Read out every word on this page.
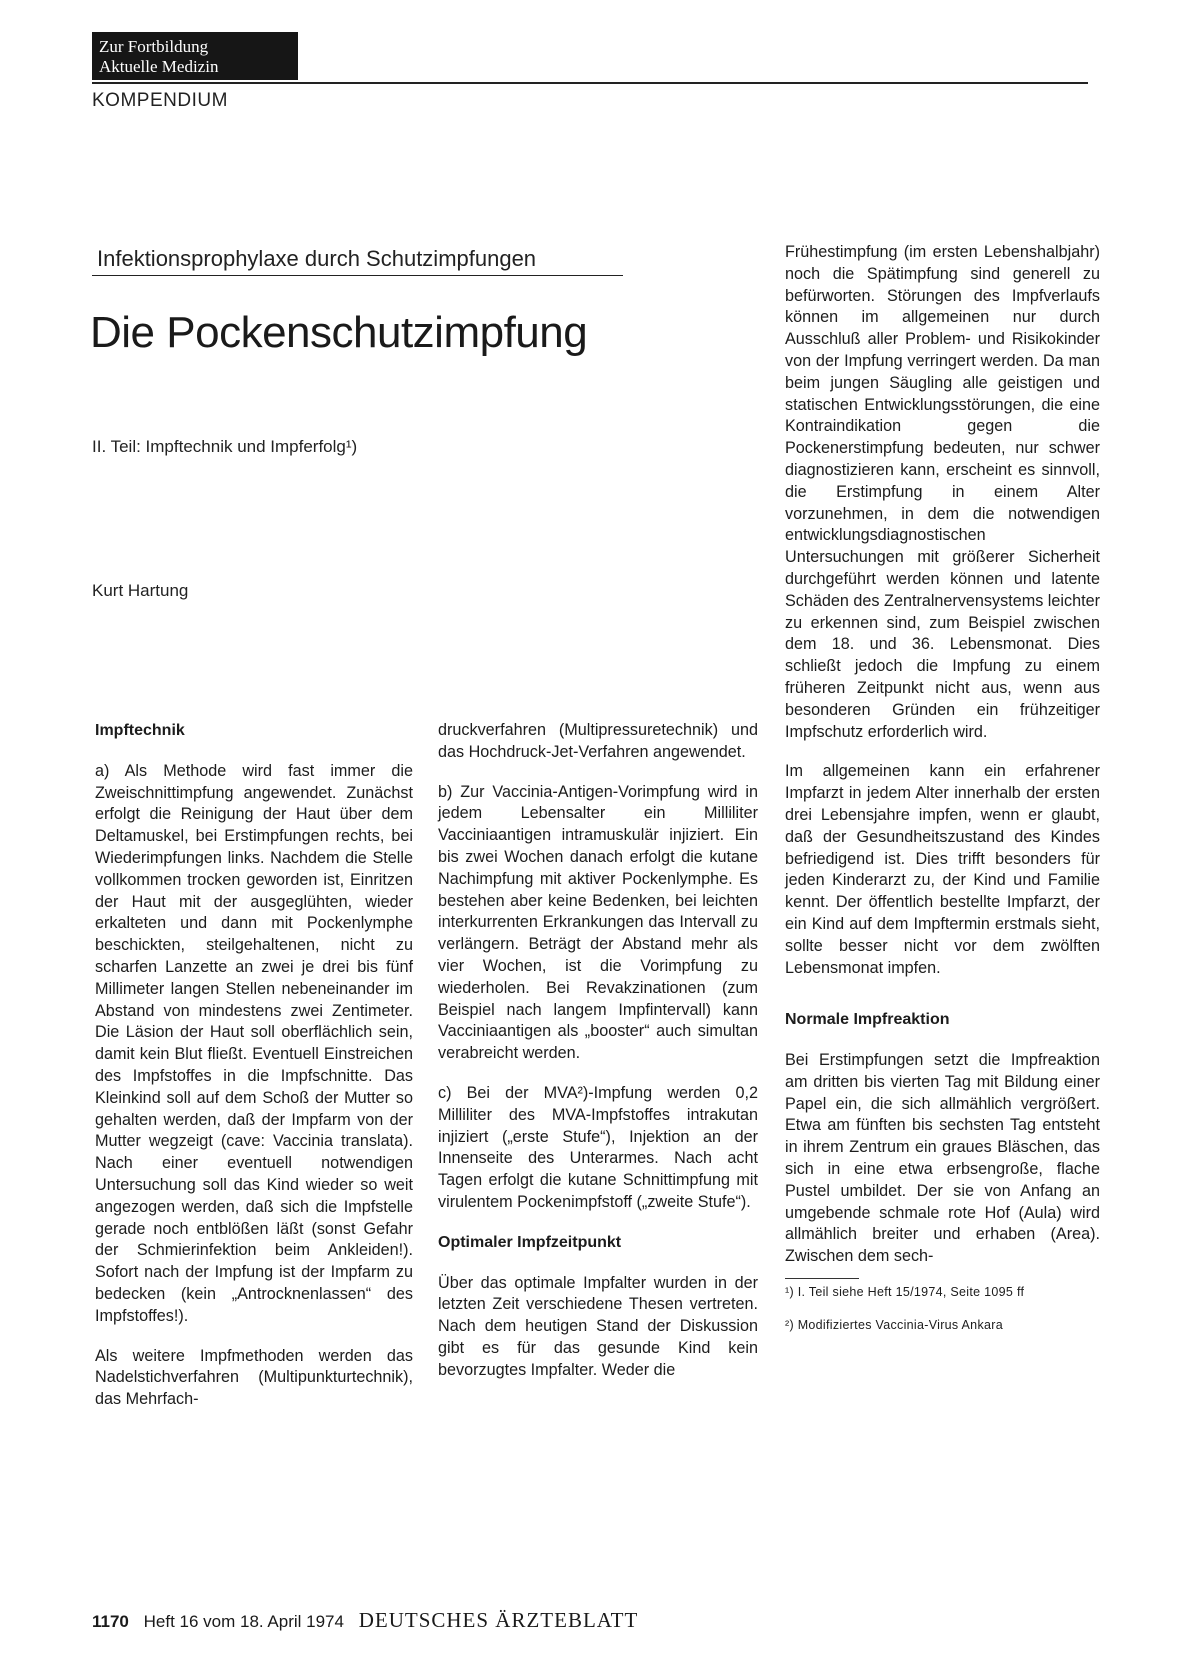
Zur Fortbildung
Aktuelle Medizin
KOMPENDIUM
Infektionsprophylaxe durch Schutzimpfungen
Die Pockenschutzimpfung
II. Teil: Impftechnik und Impferfolg¹)
Kurt Hartung
Impftechnik

a) Als Methode wird fast immer die Zweischnittimpfung angewendet. Zunächst erfolgt die Reinigung der Haut über dem Deltamuskel, bei Erstimpfungen rechts, bei Wiederimpfungen links. Nachdem die Stelle vollkommen trocken geworden ist, Einritzen der Haut mit der ausgeglühten, wieder erkalteten und dann mit Pockenlymphe beschickten, steilgehaltenen, nicht zu scharfen Lanzette an zwei je drei bis fünf Millimeter langen Stellen nebeneinander im Abstand von mindestens zwei Zentimeter. Die Läsion der Haut soll oberflächlich sein, damit kein Blut fließt. Eventuell Einstreichen des Impfstoffes in die Impfschnitte. Das Kleinkind soll auf dem Schoß der Mutter so gehalten werden, daß der Impfarm von der Mutter wegzeigt (cave: Vaccinia translata). Nach einer eventuell notwendigen Untersuchung soll das Kind wieder so weit angezogen werden, daß sich die Impfstelle gerade noch entblößen läßt (sonst Gefahr der Schmierinfektion beim Ankleiden!). Sofort nach der Impfung ist der Impfarm zu bedecken (kein „Antrocknenlassen“ des Impfstoffes!).

Als weitere Impfmethoden werden das Nadelstichverfahren (Multipunkturtechnik), das Mehrfach-

druckverfahren (Multipressuretechnik) und das Hochdruck-Jet-Verfahren angewendet.

b) Zur Vaccinia-Antigen-Vorimpfung wird in jedem Lebensalter ein Milliliter Vacciniaantigen intramuskulär injiziert. Ein bis zwei Wochen danach erfolgt die kutane Nachimpfung mit aktiver Pockenlymphe. Es bestehen aber keine Bedenken, bei leichten interkurrenten Erkrankungen das Intervall zu verlängern. Beträgt der Abstand mehr als vier Wochen, ist die Vorimpfung zu wiederholen. Bei Revakzinationen (zum Beispiel nach langem Impfintervall) kann Vacciniaantigen als „booster“ auch simultan verabreicht werden.

c) Bei der MVA²)-Impfung werden 0,2 Milliliter des MVA-Impfstoffes intrakutan injiziert („erste Stufe“), Injektion an der Innenseite des Unterarmes. Nach acht Tagen erfolgt die kutane Schnittimpfung mit virulentem Pockenimpfstoff („zweite Stufe“).

Optimaler Impfzeitpunkt

Über das optimale Impfalter wurden in der letzten Zeit verschiedene Thesen vertreten. Nach dem heutigen Stand der Diskussion gibt es für das gesunde Kind kein bevorzugtes Impfalter. Weder die

Frühestimpfung (im ersten Lebenshalbjahr) noch die Spätimpfung sind generell zu befürworten. Störungen des Impfverlaufs können im allgemeinen nur durch Ausschluß aller Problem- und Risikokinder von der Impfung verringert werden. Da man beim jungen Säugling alle geistigen und statischen Entwicklungsstörungen, die eine Kontraindikation gegen die Pockenerstimpfung bedeuten, nur schwer diagnostizieren kann, erscheint es sinnvoll, die Erstimpfung in einem Alter vorzunehmen, in dem die notwendigen entwicklungsdiagnostischen Untersuchungen mit größerer Sicherheit durchgeführt werden können und latente Schäden des Zentralnervensystems leichter zu erkennen sind, zum Beispiel zwischen dem 18. und 36. Lebensmonat. Dies schließt jedoch die Impfung zu einem früheren Zeitpunkt nicht aus, wenn aus besonderen Gründen ein frühzeitiger Impfschutz erforderlich wird.

Im allgemeinen kann ein erfahrener Impfarzt in jedem Alter innerhalb der ersten drei Lebensjahre impfen, wenn er glaubt, daß der Gesundheitszustand des Kindes befriedigend ist. Dies trifft besonders für jeden Kinderarzt zu, der Kind und Familie kennt. Der öffentlich bestellte Impfarzt, der ein Kind auf dem Impftermin erstmals sieht, sollte besser nicht vor dem zwölften Lebensmonat impfen.

Normale Impfreaktion

Bei Erstimpfungen setzt die Impfreaktion am dritten bis vierten Tag mit Bildung einer Papel ein, die sich allmählich vergrößert. Etwa am fünften bis sechsten Tag entsteht in ihrem Zentrum ein graues Bläschen, das sich in eine etwa erbsengroße, flache Pustel umbildet. Der sie von Anfang an umgebende schmale rote Hof (Aula) wird allmählich breiter und erhaben (Area). Zwischen dem sech-

¹) I. Teil siehe Heft 15/1974, Seite 1095 ff

²) Modifiziertes Vaccinia-Virus Ankara

1170 Heft 16 vom 18. April 1974 DEUTSCHES ÄRZTEBLATT
